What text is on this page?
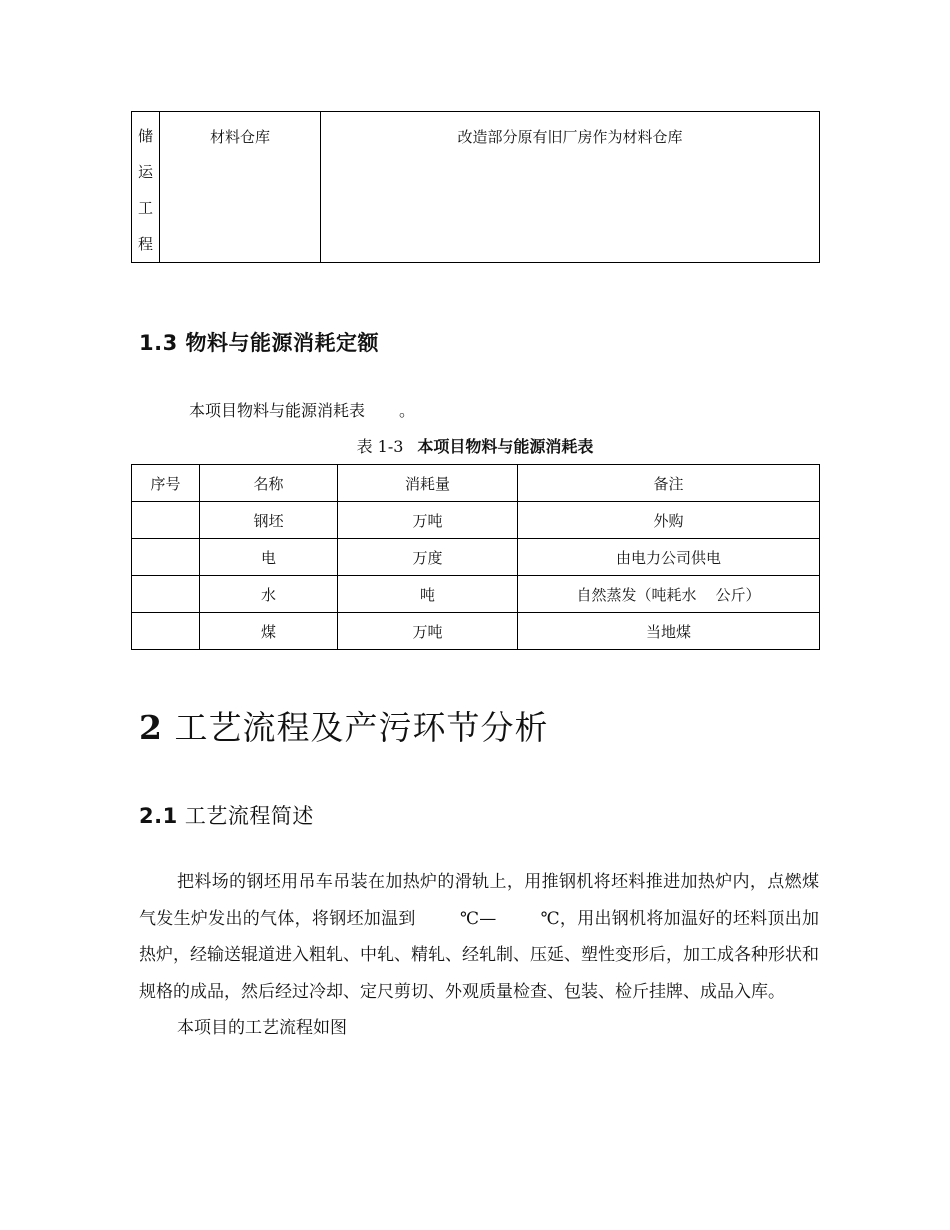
储
运
工
程
	材料仓库	改造部分原有旧厂房作为材料仓库
1.3 物料与能源消耗定额
本项目物料与能源消耗表 。
表 1-3 本项目物料与能源消耗表
序号	名称	消耗量	备注
	钢坯	万吨	外购
	电	万度	由电力公司供电
	水	吨	自然蒸发（吨耗水    公斤）
	煤	万吨	当地煤
2 工艺流程及产污环节分析
2.1 工艺流程简述

把料场的钢坯用吊车吊装在加热炉的滑轨上，用推钢机将坯料推进加热炉内，点燃煤气发生炉发出的气体，将钢坯加温到	℃—	℃，用出钢机将加温好的坯料顶出加热炉，经输送辊道进入粗轧、中轧、精轧、经轧制、压延、塑性变形后，加工成各种形状和规格的成品，然后经过冷却、定尺剪切、外观质量检查、包装、检斤挂牌、成品入库。

本项目的工艺流程如图
